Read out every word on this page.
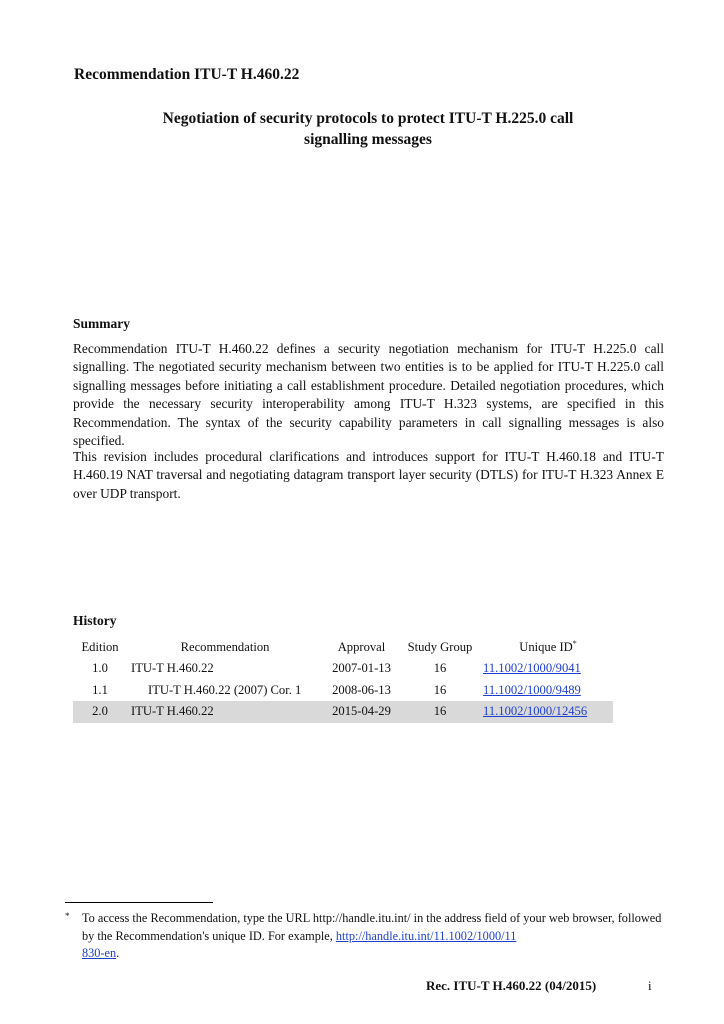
Recommendation ITU-T H.460.22
Negotiation of security protocols to protect ITU-T H.225.0 call
signalling messages
Summary

Recommendation ITU-T H.460.22 defines a security negotiation mechanism for ITU-T H.225.0 call signalling. The negotiated security mechanism between two entities is to be applied for ITU-T H.225.0 call signalling messages before initiating a call establishment procedure. Detailed negotiation procedures, which provide the necessary security interoperability among ITU-T H.323 systems, are specified in this Recommendation. The syntax of the security capability parameters in call signalling messages is also specified.

This revision includes procedural clarifications and introduces support for ITU-T H.460.18 and ITU-T H.460.19 NAT traversal and negotiating datagram transport layer security (DTLS) for ITU-T H.323 Annex E over UDP transport.

History
Edition	Recommendation	Approval	Study Group	Unique ID*
1.0	ITU-T H.460.22	2007-01-13	16	11.1002/1000/9041
1.1	ITU-T H.460.22 (2007) Cor. 1	2008-06-13	16	11.1002/1000/9489
2.0	ITU-T H.460.22	2015-04-29	16	11.1002/1000/12456
* To access the Recommendation, type the URL http://handle.itu.int/ in the address field of your web browser, followed by the Recommendation's unique ID. For example, http://handle.itu.int/11.1002/1000/11
830-en.
Rec. ITU-T H.460.22 (04/2015)	i
